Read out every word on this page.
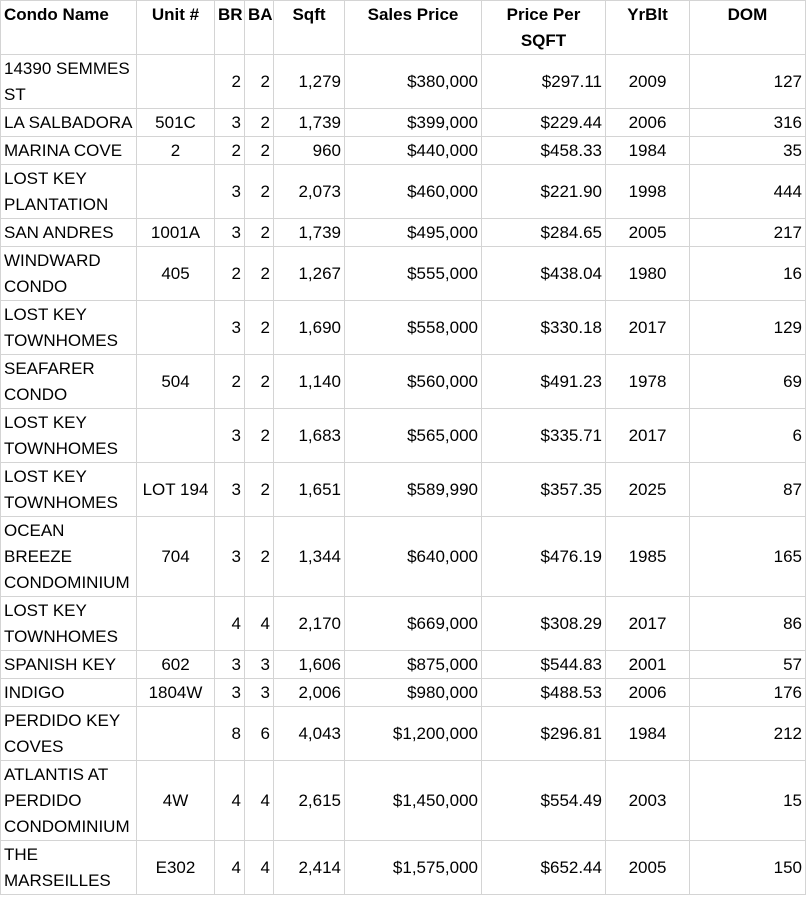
Condo Name	Unit #	BR	BA	Sqft	Sales Price	Price Per SQFT	YrBlt	DOM
14390 SEMMES ST		2	2	1,279	$380,000	$297.11	2009	127
LA SALBADORA	501C	3	2	1,739	$399,000	$229.44	2006	316
MARINA COVE	2	2	2	960	$440,000	$458.33	1984	35
LOST KEY PLANTATION		3	2	2,073	$460,000	$221.90	1998	444
SAN ANDRES	1001A	3	2	1,739	$495,000	$284.65	2005	217
WINDWARD CONDO	405	2	2	1,267	$555,000	$438.04	1980	16
LOST KEY TOWNHOMES		3	2	1,690	$558,000	$330.18	2017	129
SEAFARER CONDO	504	2	2	1,140	$560,000	$491.23	1978	69
LOST KEY TOWNHOMES		3	2	1,683	$565,000	$335.71	2017	6
LOST KEY TOWNHOMES	LOT 194	3	2	1,651	$589,990	$357.35	2025	87
OCEAN BREEZE CONDOMINIUM	704	3	2	1,344	$640,000	$476.19	1985	165
LOST KEY TOWNHOMES		4	4	2,170	$669,000	$308.29	2017	86
SPANISH KEY	602	3	3	1,606	$875,000	$544.83	2001	57
INDIGO	1804W	3	3	2,006	$980,000	$488.53	2006	176
PERDIDO KEY COVES		8	6	4,043	$1,200,000	$296.81	1984	212
ATLANTIS AT PERDIDO CONDOMINIUM	4W	4	4	2,615	$1,450,000	$554.49	2003	15
THE MARSEILLES	E302	4	4	2,414	$1,575,000	$652.44	2005	150
